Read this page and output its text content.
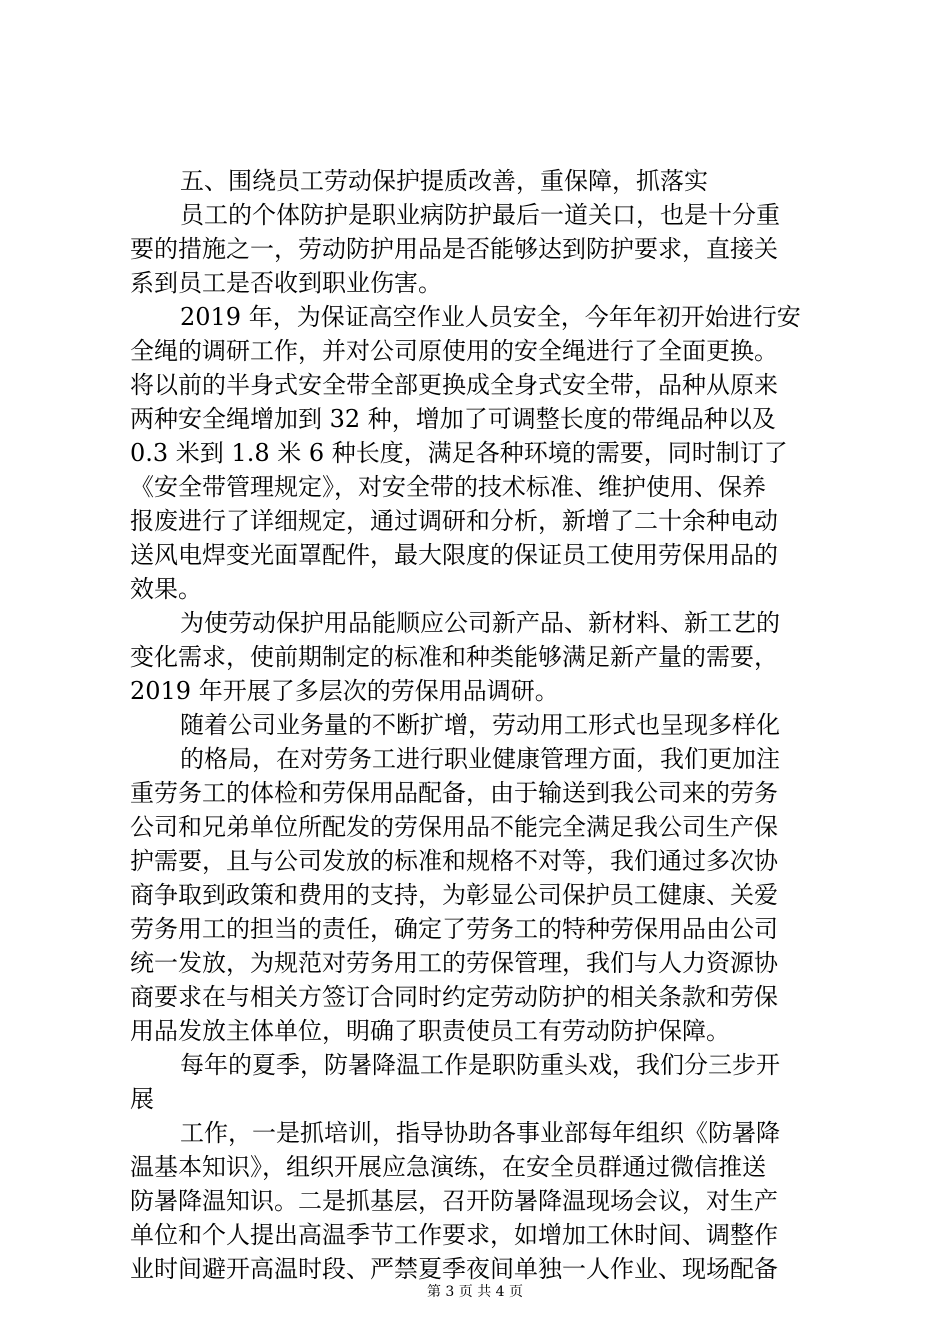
五、围绕员工劳动保护提质改善，重保障，抓落实
员工的个体防护是职业病防护最后一道关口，也是十分重
要的措施之一，劳动防护用品是否能够达到防护要求，直接关
系到员工是否收到职业伤害。
2019 年，为保证高空作业人员安全，今年年初开始进行安
全绳的调研工作，并对公司原使用的安全绳进行了全面更换。
将以前的半身式安全带全部更换成全身式安全带，品种从原来
两种安全绳增加到 32 种，增加了可调整长度的带绳品种以及
0.3 米到 1.8 米 6 种长度，满足各种环境的需要，同时制订了
《安全带管理规定》，对安全带的技术标准、维护使用、保养
报废进行了详细规定，通过调研和分析，新增了二十余种电动
送风电焊变光面罩配件，最大限度的保证员工使用劳保用品的
效果。
为使劳动保护用品能顺应公司新产品、新材料、新工艺的
变化需求，使前期制定的标准和种类能够满足新产量的需要，
2019 年开展了多层次的劳保用品调研。
随着公司业务量的不断扩增，劳动用工形式也呈现多样化
的格局，在对劳务工进行职业健康管理方面，我们更加注
重劳务工的体检和劳保用品配备，由于输送到我公司来的劳务
公司和兄弟单位所配发的劳保用品不能完全满足我公司生产保
护需要，且与公司发放的标准和规格不对等，我们通过多次协
商争取到政策和费用的支持，为彰显公司保护员工健康、关爱
劳务用工的担当的责任，确定了劳务工的特种劳保用品由公司
统一发放，为规范对劳务用工的劳保管理，我们与人力资源协
商要求在与相关方签订合同时约定劳动防护的相关条款和劳保
用品发放主体单位，明确了职责使员工有劳动防护保障。
每年的夏季，防暑降温工作是职防重头戏，我们分三步开
展
工作，一是抓培训，指导协助各事业部每年组织《防暑降
温基本知识》，组织开展应急演练，在安全员群通过微信推送
防暑降温知识。二是抓基层，召开防暑降温现场会议，对生产
单位和个人提出高温季节工作要求，如增加工休时间、调整作
业时间避开高温时段、严禁夏季夜间单独一人作业、现场配备
第 3 页 共 4 页
